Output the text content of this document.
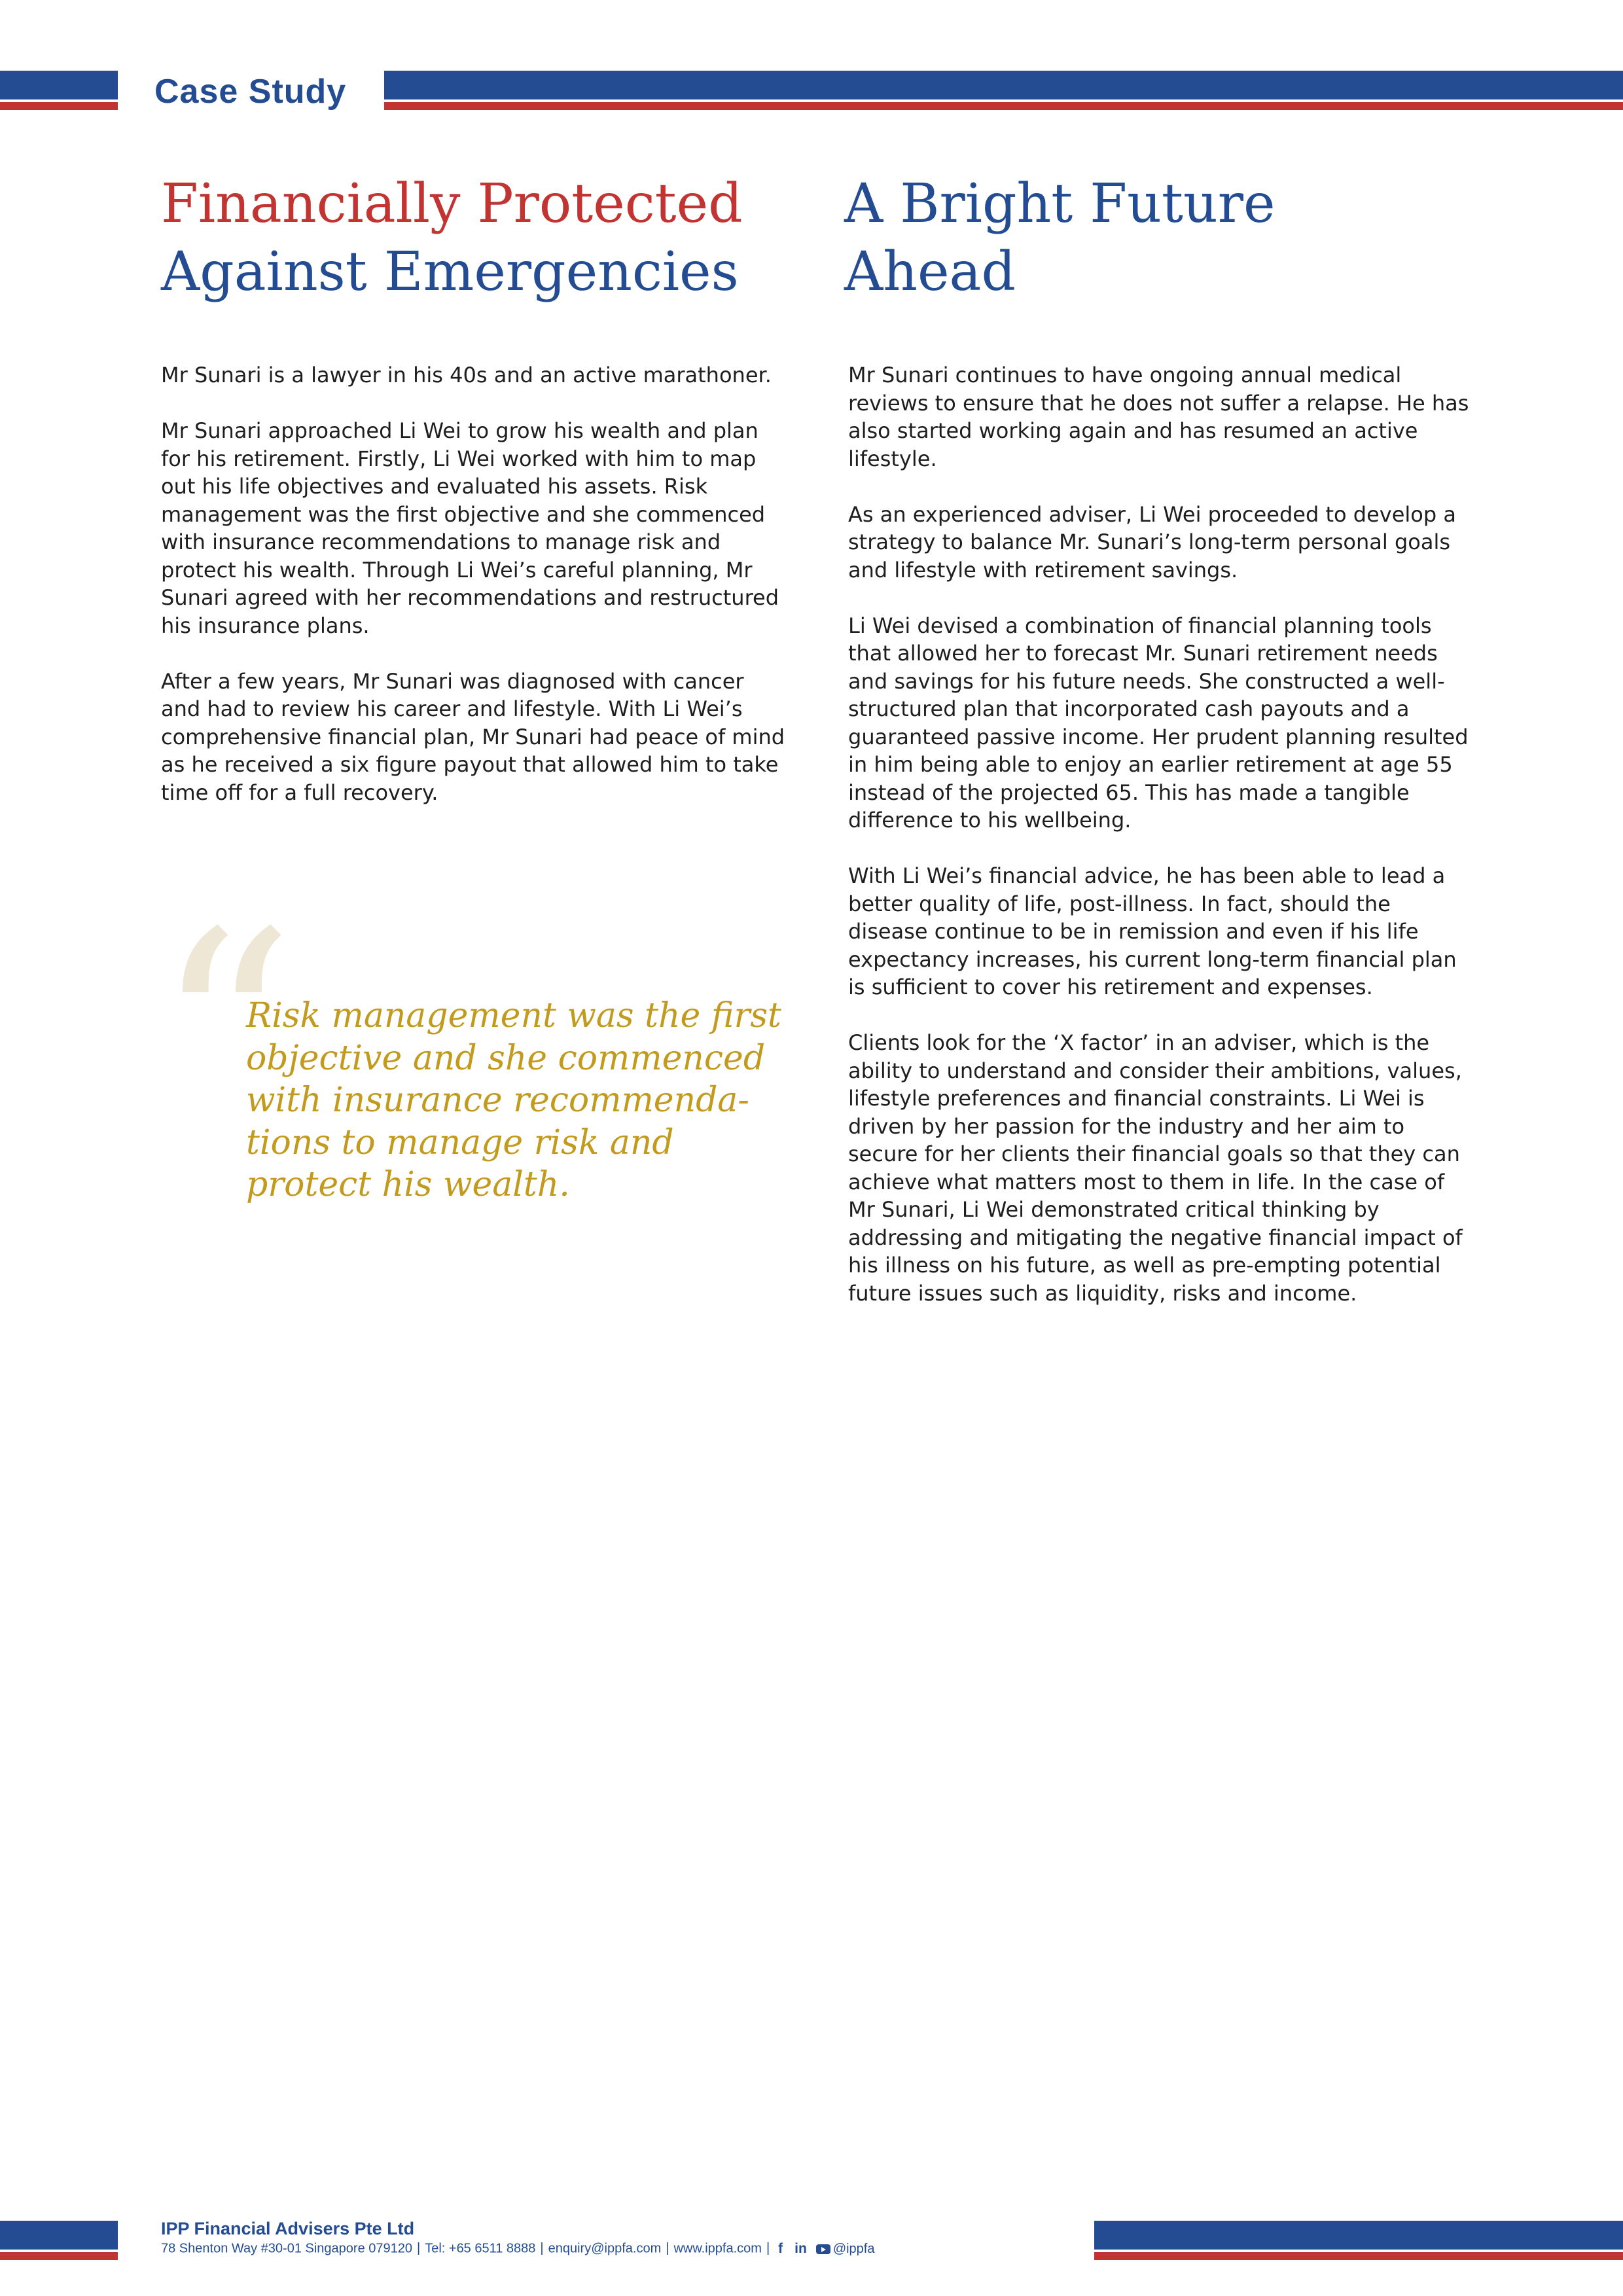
Case Study
Financially Protected
Against Emergencies
A Bright Future
Ahead

Mr Sunari is a lawyer in his 40s and an active marathoner.

Mr Sunari approached Li Wei to grow his wealth and plan for his retirement. Firstly, Li Wei worked with him to map out his life objectives and evaluated his assets. Risk management was the first objective and she commenced with insurance recommendations to manage risk and protect his wealth. Through Li Wei’s careful planning, Mr Sunari agreed with her recommendations and restructured his insurance plans.

After a few years, Mr Sunari was diagnosed with cancer and had to review his career and lifestyle. With Li Wei’s comprehensive financial plan, Mr Sunari had peace of mind as he received a six figure payout that allowed him to take time off for a full recovery.

“

Risk management was the first objective and she commenced with insurance recommenda-tions to manage risk and protect his wealth.

Mr Sunari continues to have ongoing annual medical reviews to ensure that he does not suffer a relapse. He has also started working again and has resumed an active lifestyle.

As an experienced adviser, Li Wei proceeded to develop a strategy to balance Mr. Sunari’s long-term personal goals and lifestyle with retirement savings.

Li Wei devised a combination of financial planning tools that allowed her to forecast Mr. Sunari retirement needs and savings for his future needs. She constructed a well-structured plan that incorporated cash payouts and a guaranteed passive income. Her prudent planning resulted in him being able to enjoy an earlier retirement at age 55 instead of the projected 65. This has made a tangible difference to his wellbeing.

With Li Wei’s financial advice, he has been able to lead a better quality of life, post-illness. In fact, should the disease continue to be in remission and even if his life expectancy increases, his current long-term financial plan is sufficient to cover his retirement and expenses.

Clients look for the ‘X factor’ in an adviser, which is the ability to understand and consider their ambitions, values, lifestyle preferences and financial constraints. Li Wei is driven by her passion for the industry and her aim to secure for her clients their financial goals so that they can achieve what matters most to them in life. In the case of Mr Sunari, Li Wei demonstrated critical thinking by addressing and mitigating the negative financial impact of his illness on his future, as well as pre-empting potential future issues such as liquidity, risks and income.

IPP Financial Advisers Pte Ltd

78 Shenton Way #30-01 Singapore 079120 | Tel: +65 6511 8888 | enquiry@ippfa.com | www.ippfa.com | f in @ippfa
